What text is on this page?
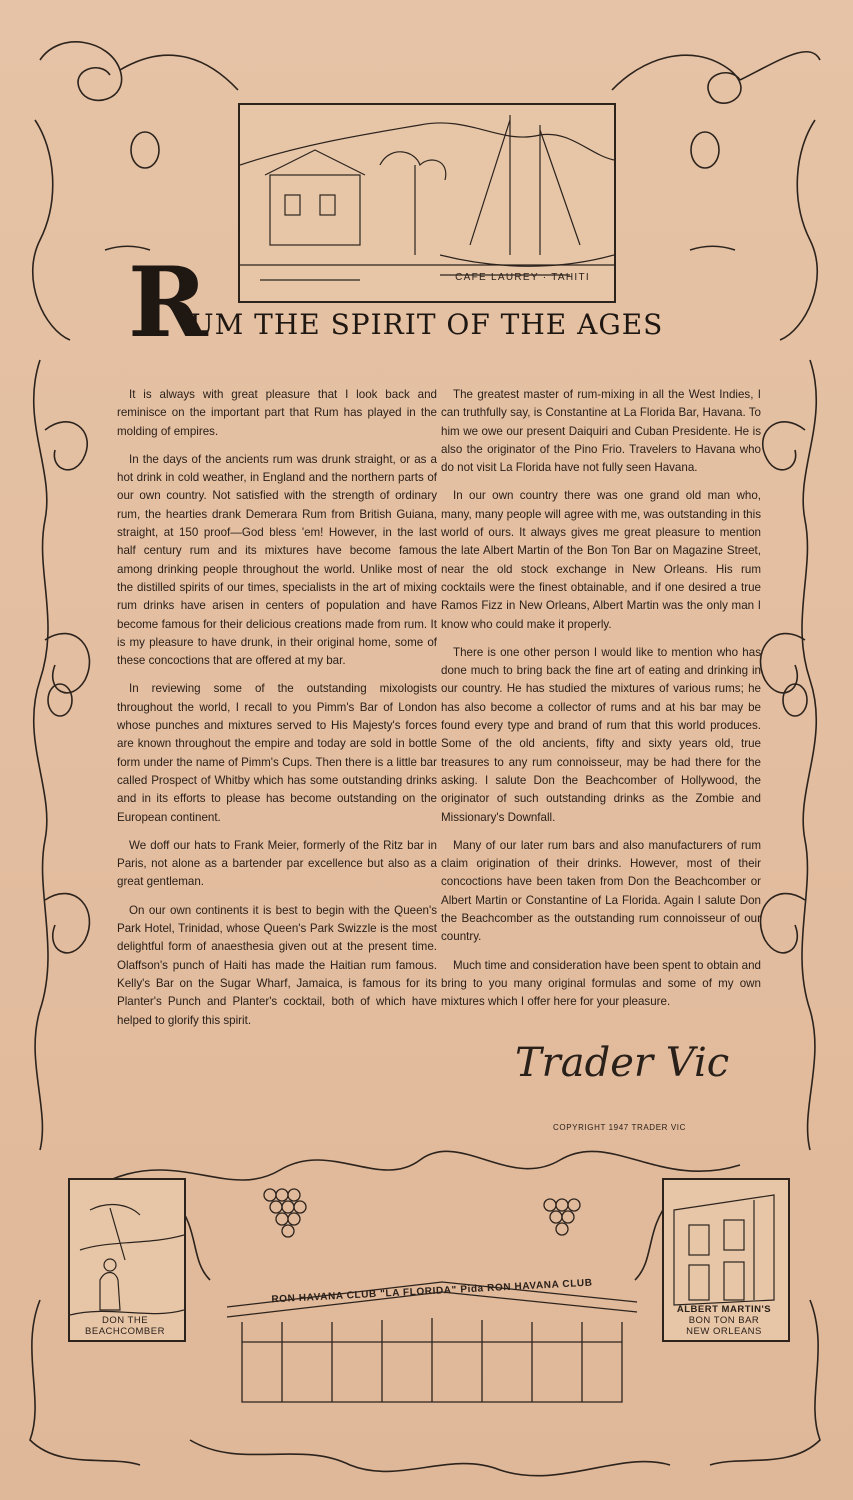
CAFE LAUREY · TAHITI
R
UM THE SPIRIT OF THE AGES

It is always with great pleasure that I look back and reminisce on the important part that Rum has played in the molding of empires.

In the days of the ancients rum was drunk straight, or as a hot drink in cold weather, in England and the northern parts of our own country. Not satisfied with the strength of ordinary rum, the hearties drank Demerara Rum from British Guiana, straight, at 150 proof—God bless 'em! However, in the last half century rum and its mixtures have become famous among drinking people throughout the world. Unlike most of the distilled spirits of our times, specialists in the art of mixing rum drinks have arisen in centers of population and have become famous for their delicious creations made from rum. It is my pleasure to have drunk, in their original home, some of these concoctions that are offered at my bar.

In reviewing some of the outstanding mixologists throughout the world, I recall to you Pimm's Bar of London whose punches and mixtures served to His Majesty's forces are known throughout the empire and today are sold in bottle form under the name of Pimm's Cups. Then there is a little bar called Prospect of Whitby which has some outstanding drinks and in its efforts to please has become outstanding on the European continent.

We doff our hats to Frank Meier, formerly of the Ritz bar in Paris, not alone as a bartender par excellence but also as a great gentleman.

On our own continents it is best to begin with the Queen's Park Hotel, Trinidad, whose Queen's Park Swizzle is the most delightful form of anaesthesia given out at the present time. Olaffson's punch of Haiti has made the Haitian rum famous. Kelly's Bar on the Sugar Wharf, Jamaica, is famous for its Planter's Punch and Planter's cocktail, both of which have helped to glorify this spirit.

The greatest master of rum-mixing in all the West Indies, I can truthfully say, is Constantine at La Florida Bar, Havana. To him we owe our present Daiquiri and Cuban Presidente. He is also the originator of the Pino Frio. Travelers to Havana who do not visit La Florida have not fully seen Havana.

In our own country there was one grand old man who, many, many people will agree with me, was outstanding in this world of ours. It always gives me great pleasure to mention the late Albert Martin of the Bon Ton Bar on Magazine Street, near the old stock exchange in New Orleans. His rum cocktails were the finest obtainable, and if one desired a true Ramos Fizz in New Orleans, Albert Martin was the only man I know who could make it properly.

There is one other person I would like to mention who has done much to bring back the fine art of eating and drinking in our country. He has studied the mixtures of various rums; he has also become a collector of rums and at his bar may be found every type and brand of rum that this world produces. Some of the old ancients, fifty and sixty years old, true treasures to any rum connoisseur, may be had there for the asking. I salute Don the Beachcomber of Hollywood, the originator of such outstanding drinks as the Zombie and Missionary's Downfall.

Many of our later rum bars and also manufacturers of rum claim origination of their drinks. However, most of their concoctions have been taken from Don the Beachcomber or Albert Martin or Constantine of La Florida. Again I salute Don the Beachcomber as the outstanding rum connoisseur of our country.

Much time and consideration have been spent to obtain and bring to you many original formulas and some of my own mixtures which I offer here for your pleasure.

Trader Vic
COPYRIGHT 1947 TRADER VIC
DON THE
BEACHCOMBER
RON HAVANA CLUB "LA FLORIDA" Pida RON HAVANA CLUB
ALBERT MARTIN'S
BON TON BAR
NEW ORLEANS
